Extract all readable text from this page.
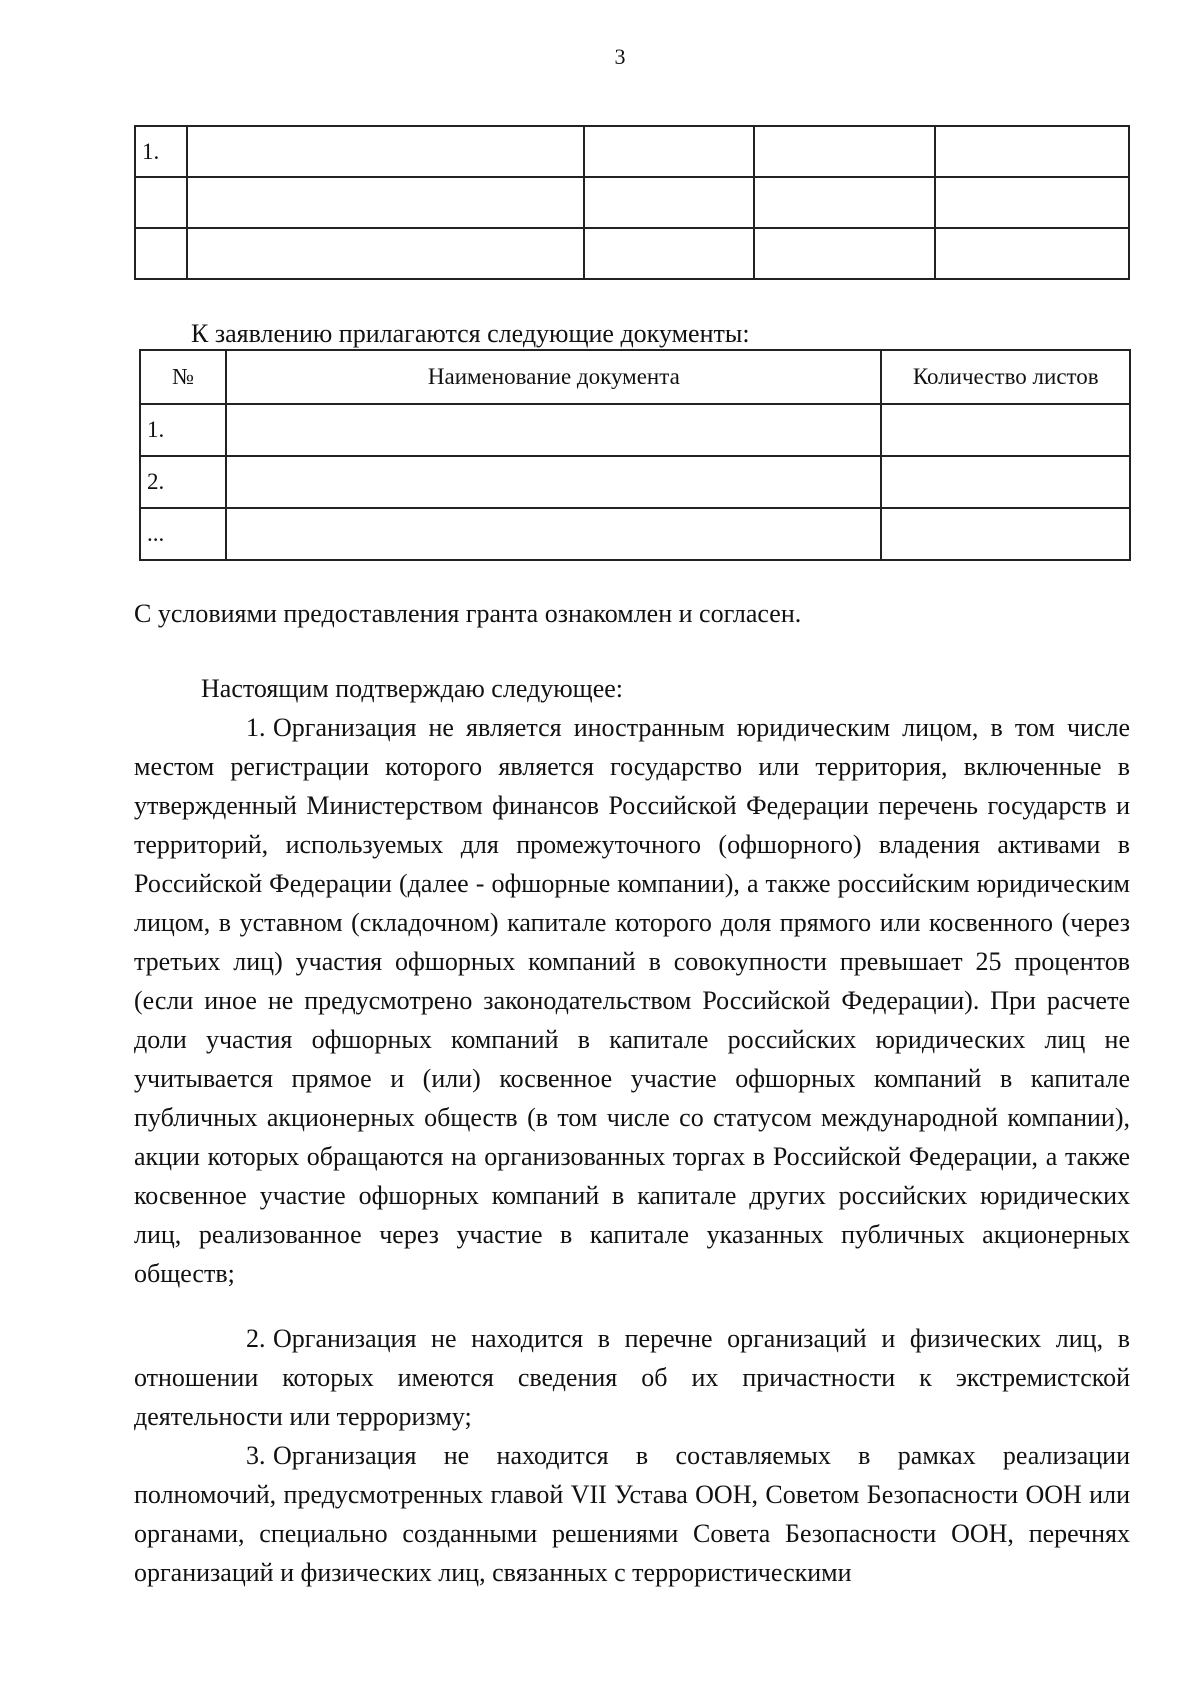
3
1.				

К заявлению прилагаются следующие документы:

№	Наименование документа	Количество листов
1.		
2.		
...		

С условиями предоставления гранта ознакомлен и согласен.

Настоящим подтверждаю следующее:

1. Организация не является иностранным юридическим лицом, в том числе местом регистрации которого является государство или территория, включенные в утвержденный Министерством финансов Российской Федерации перечень государств и территорий, используемых для промежуточного (офшорного) владения активами в Российской Федерации (далее - офшорные компании), а также российским юридическим лицом, в уставном (складочном) капитале которого доля прямого или косвенного (через третьих лиц) участия офшорных компаний в совокупности превышает 25 процентов (если иное не предусмотрено законодательством Российской Федерации). При расчете доли участия офшорных компаний в капитале российских юридических лиц не учитывается прямое и (или) косвенное участие офшорных компаний в капитале публичных акционерных обществ (в том числе со статусом международной компании), акции которых обращаются на организованных торгах в Российской Федерации, а также косвенное участие офшорных компаний в капитале других российских юридических лиц, реализованное через участие в капитале указанных публичных акционерных обществ;

2. Организация не находится в перечне организаций и физических лиц, в отношении которых имеются сведения об их причастности к экстремистской деятельности или терроризму;

3. Организация не находится в составляемых в рамках реализации полномочий, предусмотренных главой VII Устава ООН, Советом Безопасности ООН или органами, специально созданными решениями Совета Безопасности ООН, перечнях организаций и физических лиц, связанных с террористическими
